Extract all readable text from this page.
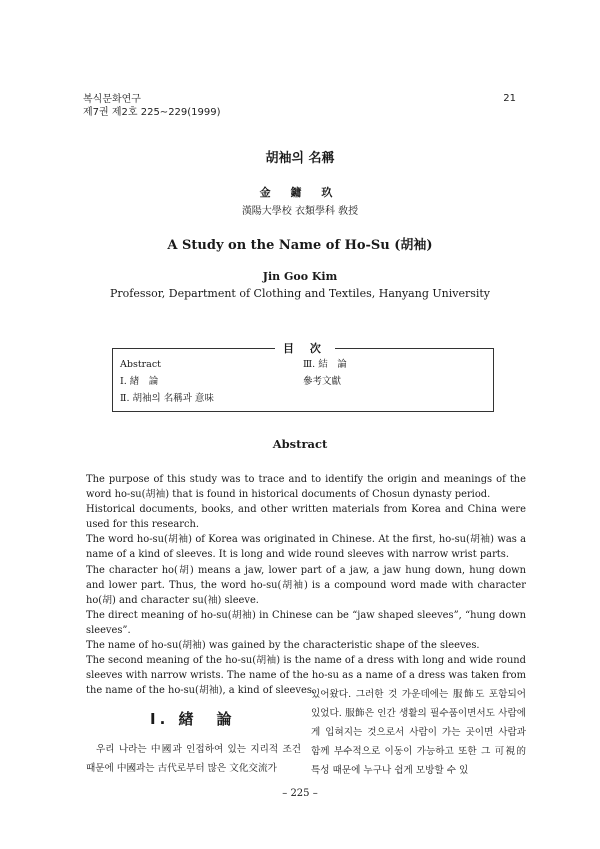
복식문화연구
제7권 제2호 225∼229(1999)
21
胡袖의 名稱
金 鏞 玖
漢陽大學校 衣類學科 敎授
A Study on the Name of Ho-Su (胡袖)
Jin Goo Kim
Professor, Department of Clothing and Textiles, Hanyang University
目 次
Abstract
Ⅰ. 緖　論
Ⅱ. 胡袖의 名稱과 意味
Ⅲ. 結　論
參考文獻
Abstract

The purpose of this study was to trace and to identify the origin and meanings of the word ho-su(胡袖) that is found in historical documents of Chosun dynasty period.

Historical documents, books, and other written materials from Korea and China were used for this research.

The word ho-su(胡袖) of Korea was originated in Chinese. At the first, ho-su(胡袖) was a name of a kind of sleeves. It is long and wide round sleeves with narrow wrist parts.

The character ho(胡) means a jaw, lower part of a jaw, a jaw hung down, hung down and lower part. Thus, the word ho-su(胡袖) is a compound word made with character ho(胡) and character su(袖) sleeve.

The direct meaning of ho-su(胡袖) in Chinese can be “jaw shaped sleeves”, “hung down sleeves”.

The name of ho-su(胡袖) was gained by the characteristic shape of the sleeves.

The second meaning of the ho-su(胡袖) is the name of a dress with long and wide round sleeves with narrow wrists. The name of the ho-su as a name of a dress was taken from the name of the ho-su(胡袖), a kind of sleeves.

Ⅰ. 緖　論

우리 나라는 中國과 인접하여 있는 지리적 조건 때문에 中國과는 古代로부터 많은 文化交流가

있어왔다. 그러한 것 가운데에는 服飾도 포함되어 있었다. 服飾은 인간 생활의 필수품이면서도 사람에게 입혀지는 것으로서 사람이 가는 곳이면 사람과 함께 부수적으로 이동이 가능하고 또한 그 可視的 특성 때문에 누구나 쉽게 모방할 수 있

– 225 –
